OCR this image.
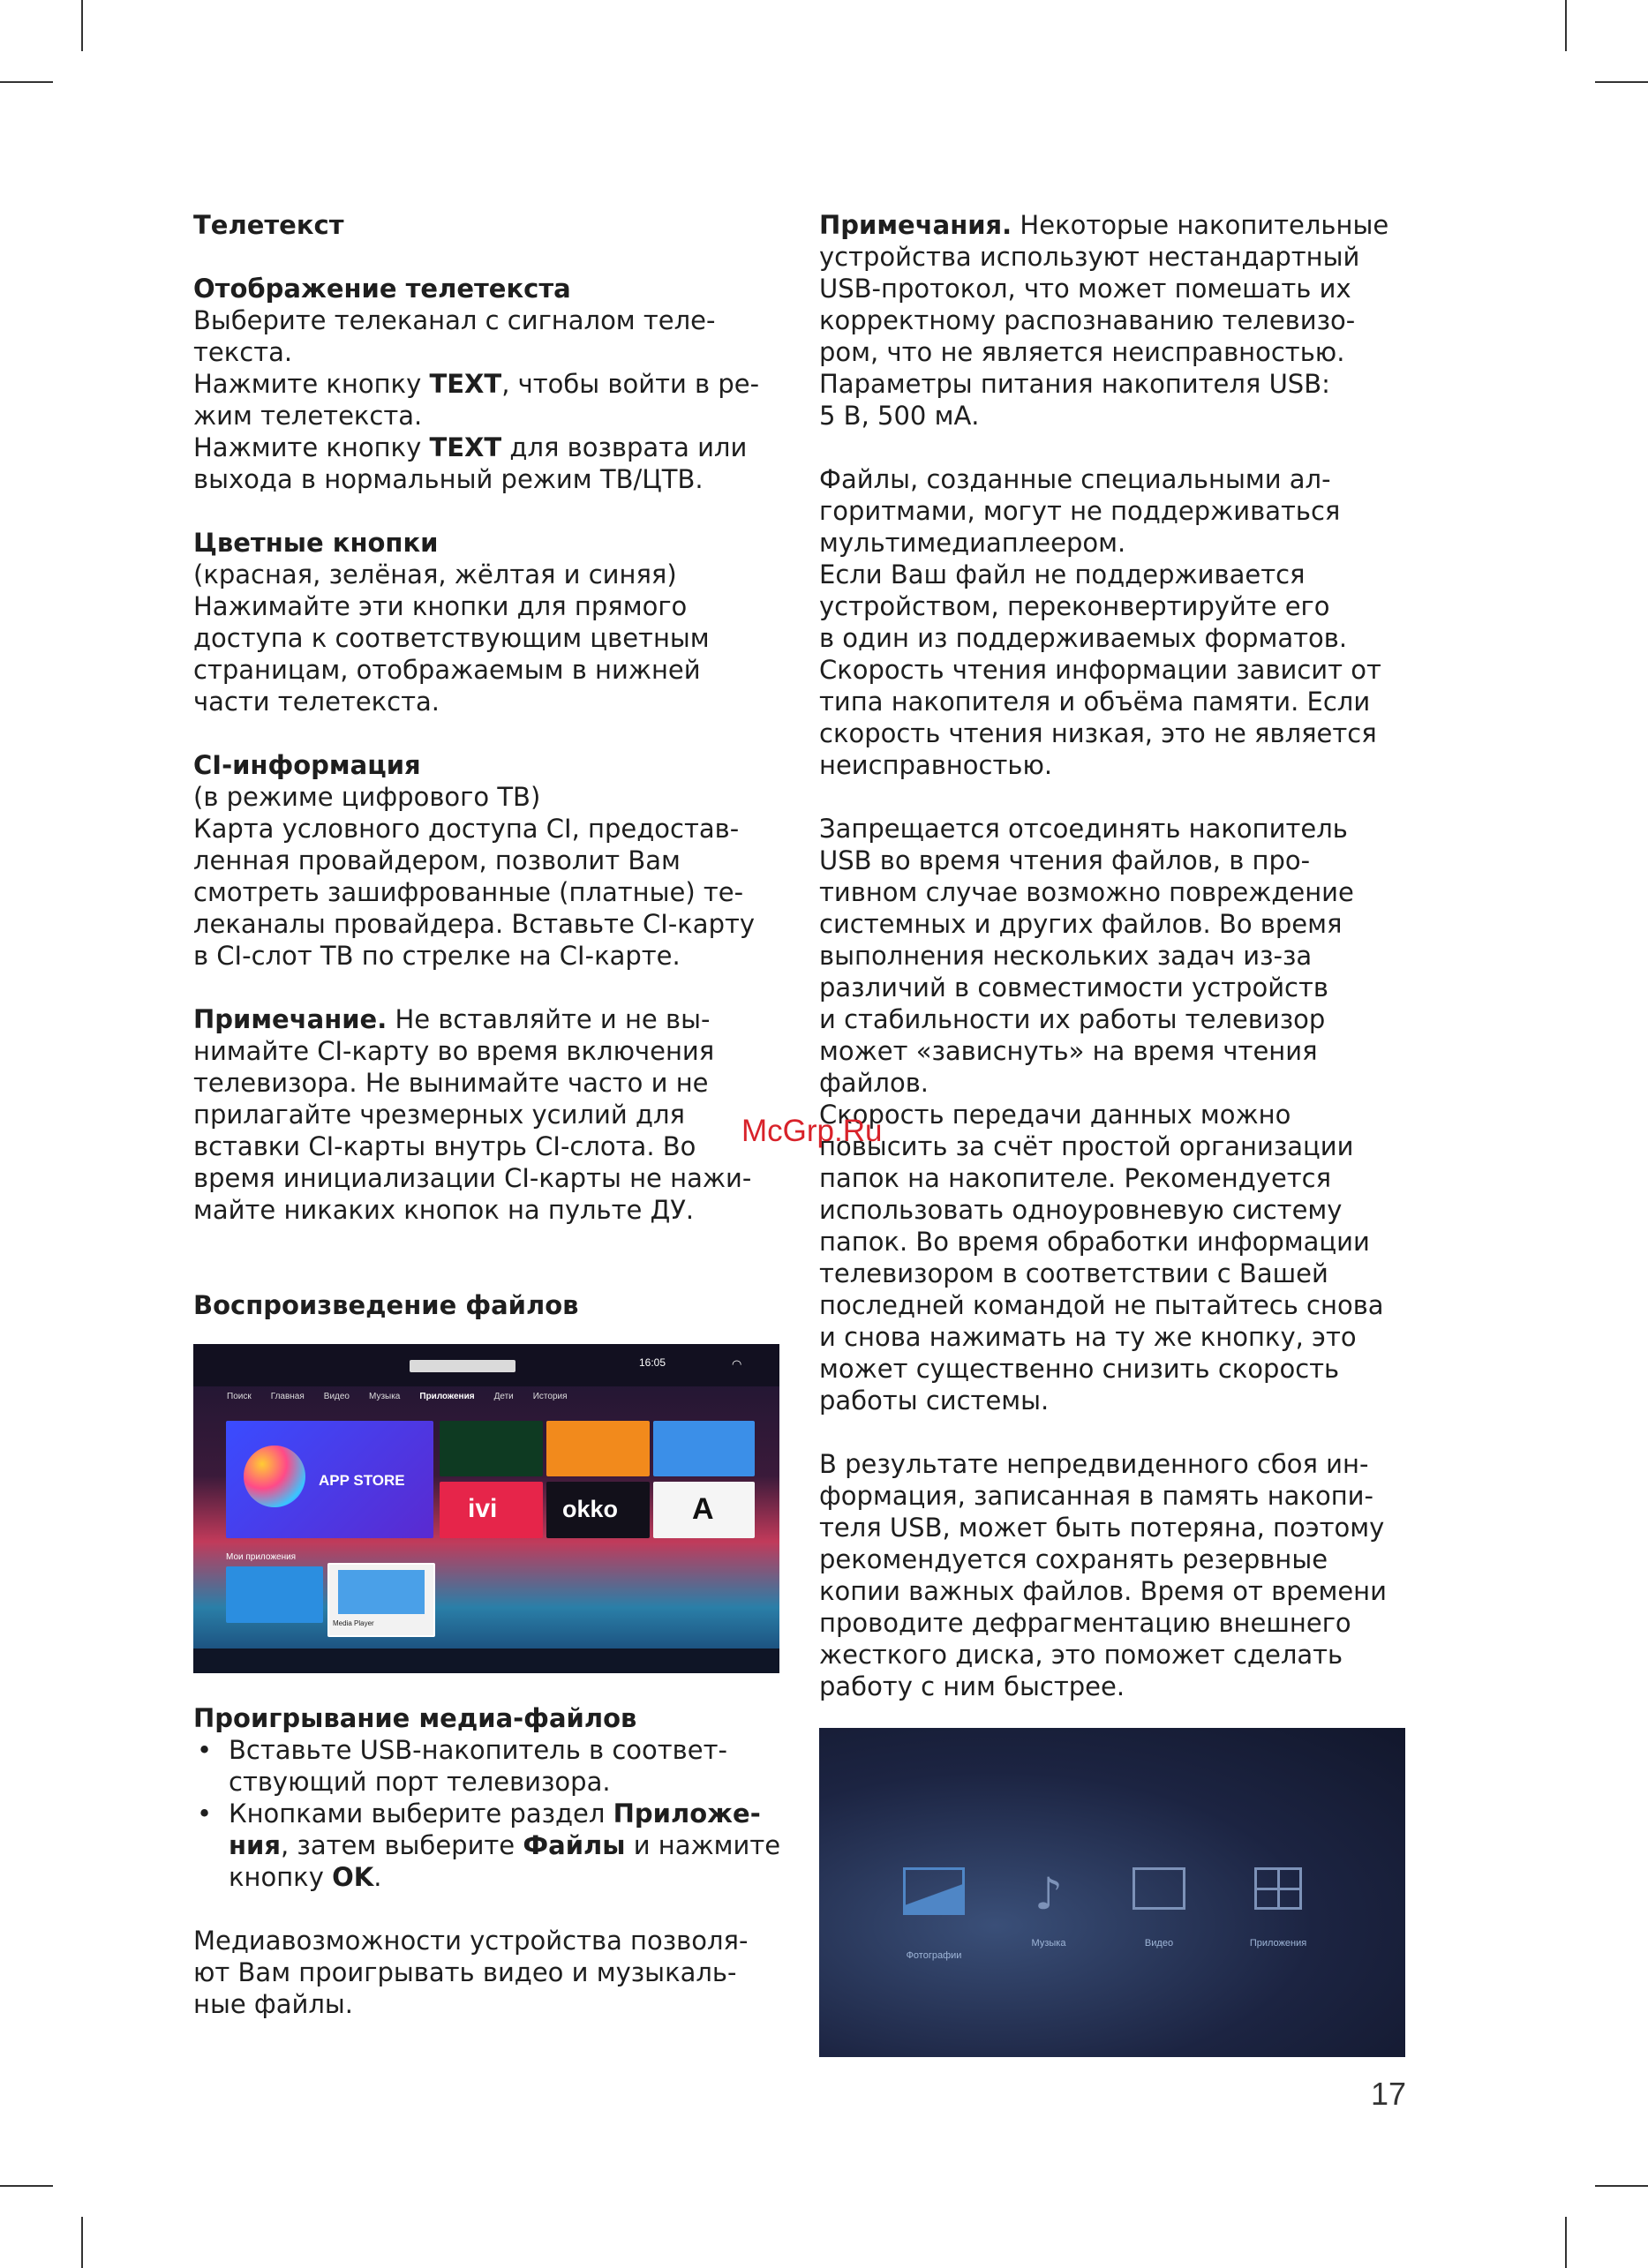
Телетекст
Отображение телетекста

Выберите телеканал с сигналом теле-

текста.

Нажмите кнопку TEXT, чтобы войти в ре-

жим телетекста.

Нажмите кнопку TEXT для возврата или

выхода в нормальный режим ТВ/ЦТВ.

Цветные кнопки

(красная, зелёная, жёлтая и синяя)

Нажимайте эти кнопки для прямого

доступа к соответствующим цветным

страницам, отображаемым в нижней

части телетекста.

CI-информация

(в режиме цифрового ТВ)

Карта условного доступа CI, предостав-

ленная провайдером, позволит Вам

смотреть зашифрованные (платные) те-

леканалы провайдера. Вставьте CI-карту

в CI-слот ТВ по стрелке на CI-карте.

Примечание. Не вставляйте и не вы-

нимайте CI-карту во время включения

телевизора. Не вынимайте часто и не

прилагайте чрезмерных усилий для

вставки CI-карты внутрь CI-слота. Во

время инициализации CI-карты не нажи-

майте никаких кнопок на пульте ДУ.

Воспроизведение файлов
16:05	◠
Поиск Главная Видео Музыка Приложения Дети История
APP STORE
ivi	okko A
Мои приложения
Media Player
Проигрывание медиа-файлов

• Вставьте USB-накопитель в соответ-

ствующий порт телевизора.

• Кнопками выберите раздел Приложе-

ния, затем выберите Файлы и нажмите

кнопку OK.

Медиавозможности устройства позволя-

ют Вам проигрывать видео и музыкаль-

ные файлы.

Примечания. Некоторые накопительные

устройства используют нестандартный

USB-протокол, что может помешать их

корректному распознаванию телевизо-

ром, что не является неисправностью.

Параметры питания накопителя USB:

5 В, 500 мА.

Файлы, созданные специальными ал-

горитмами, могут не поддерживаться

мультимедиаплеером.

Если Ваш файл не поддерживается

устройством, переконвертируйте его

в один из поддерживаемых форматов.

Скорость чтения информации зависит от

типа накопителя и объёма памяти. Если

скорость чтения низкая, это не является

неисправностью.

Запрещается отсоединять накопитель

USB во время чтения файлов, в про-

тивном случае возможно повреждение

системных и других файлов. Во время

выполнения нескольких задач из-за

различий в совместимости устройств

и стабильности их работы телевизор

может «зависнуть» на время чтения

файлов.

Скорость передачи данных можно

повысить за счёт простой организации

папок на накопителе. Рекомендуется

использовать одноуровневую систему

папок. Во время обработки информации

телевизором в соответствии с Вашей

последней командой не пытайтесь снова

и снова нажимать на ту же кнопку, это

может существенно снизить скорость

работы системы.

В результате непредвиденного сбоя ин-

формация, записанная в память накопи-

теля USB, может быть потеряна, поэтому

рекомендуется сохранять резервные

копии важных файлов. Время от времени

проводите дефрагментацию внешнего

жесткого диска, это поможет сделать

работу с ним быстрее.

Фотографии
♪
Музыка	Видео	Приложения
McGrp.Ru
17
